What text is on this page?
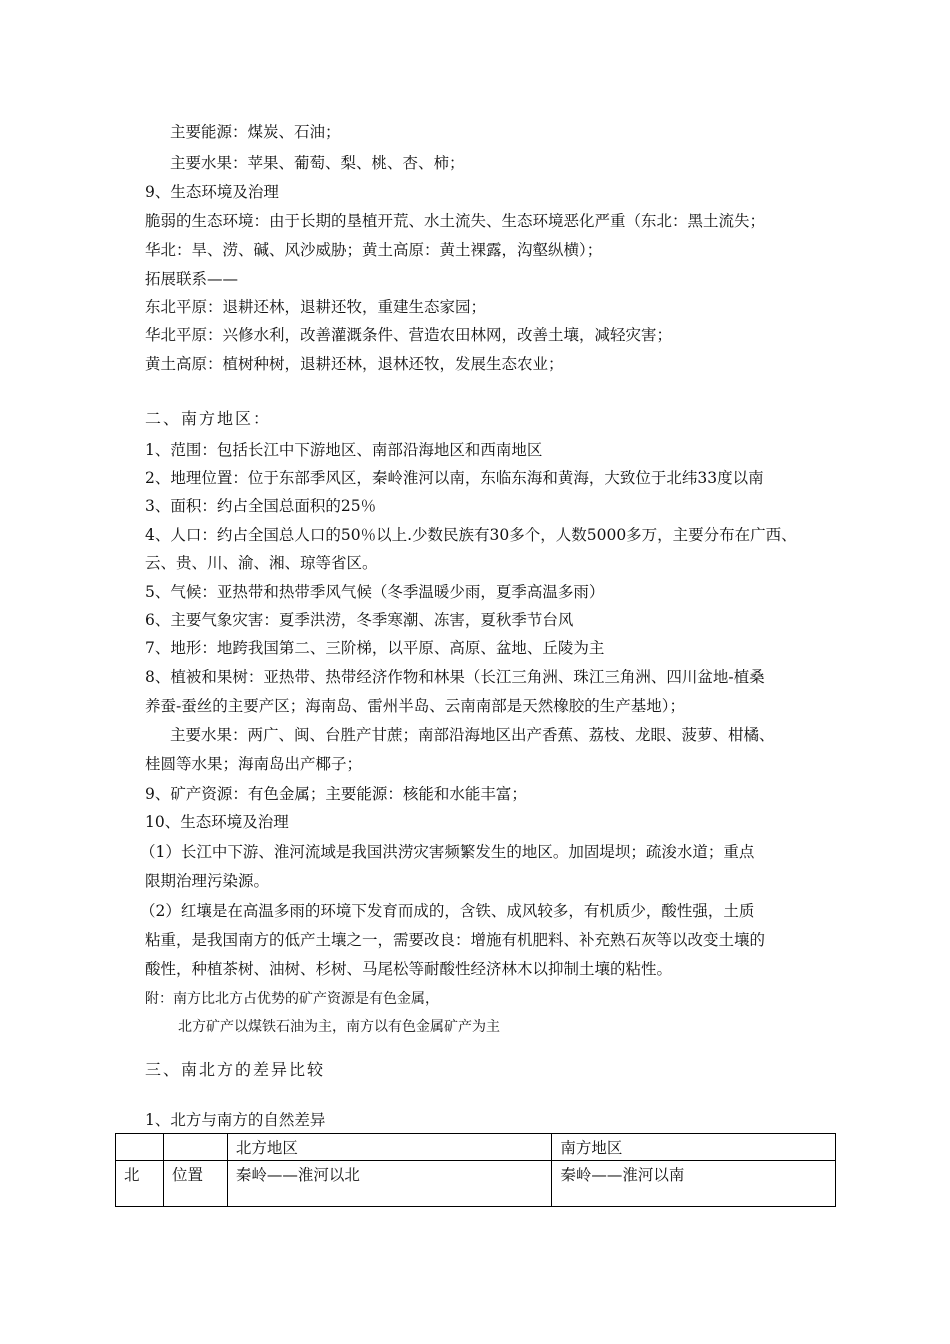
主要能源：煤炭、石油；
主要水果：苹果、葡萄、梨、桃、杏、柿；
9、生态环境及治理
脆弱的生态环境：由于长期的垦植开荒、水土流失、生态环境恶化严重（东北：黑土流失；
华北：旱、涝、碱、风沙威胁；黄土高原：黄土裸露，沟壑纵横）；
拓展联系——
东北平原：退耕还林，退耕还牧，重建生态家园；
华北平原：兴修水利，改善灌溉条件、营造农田林网，改善土壤，减轻灾害；
黄土高原：植树种树，退耕还林，退林还牧，发展生态农业；
二、南方地区：
1、范围：包括长江中下游地区、南部沿海地区和西南地区
2、地理位置：位于东部季风区，秦岭淮河以南，东临东海和黄海，大致位于北纬33度以南
3、面积：约占全国总面积的25％
4、人口：约占全国总人口的50％以上.少数民族有30多个，人数5000多万，主要分布在广西、
云、贵、川、渝、湘、琼等省区。
5、气候：亚热带和热带季风气候（冬季温暖少雨，夏季高温多雨）
6、主要气象灾害：夏季洪涝，冬季寒潮、冻害，夏秋季节台风
7、地形：地跨我国第二、三阶梯，以平原、高原、盆地、丘陵为主
8、植被和果树：亚热带、热带经济作物和林果（长江三角洲、珠江三角洲、四川盆地-植桑
养蚕-蚕丝的主要产区；海南岛、雷州半岛、云南南部是天然橡胶的生产基地）；
主要水果：两广、闽、台胜产甘蔗；南部沿海地区出产香蕉、荔枝、龙眼、菠萝、柑橘、
桂圆等水果；海南岛出产椰子；
9、矿产资源：有色金属；主要能源：核能和水能丰富；
10、生态环境及治理
（1）长江中下游、淮河流域是我国洪涝灾害频繁发生的地区。加固堤坝；疏浚水道；重点
限期治理污染源。
（2）红壤是在高温多雨的环境下发育而成的，含铁、成风较多，有机质少，酸性强，土质
粘重，是我国南方的低产土壤之一，需要改良：增施有机肥料、补充熟石灰等以改变土壤的
酸性，种植茶树、油树、杉树、马尾松等耐酸性经济林木以抑制土壤的粘性。
附：南方比北方占优势的矿产资源是有色金属，
北方矿产以煤铁石油为主，南方以有色金属矿产为主
三、南北方的差异比较
1、北方与南方的自然差异
		北方地区	南方地区
北	位置	秦岭——淮河以北	秦岭——淮河以南
